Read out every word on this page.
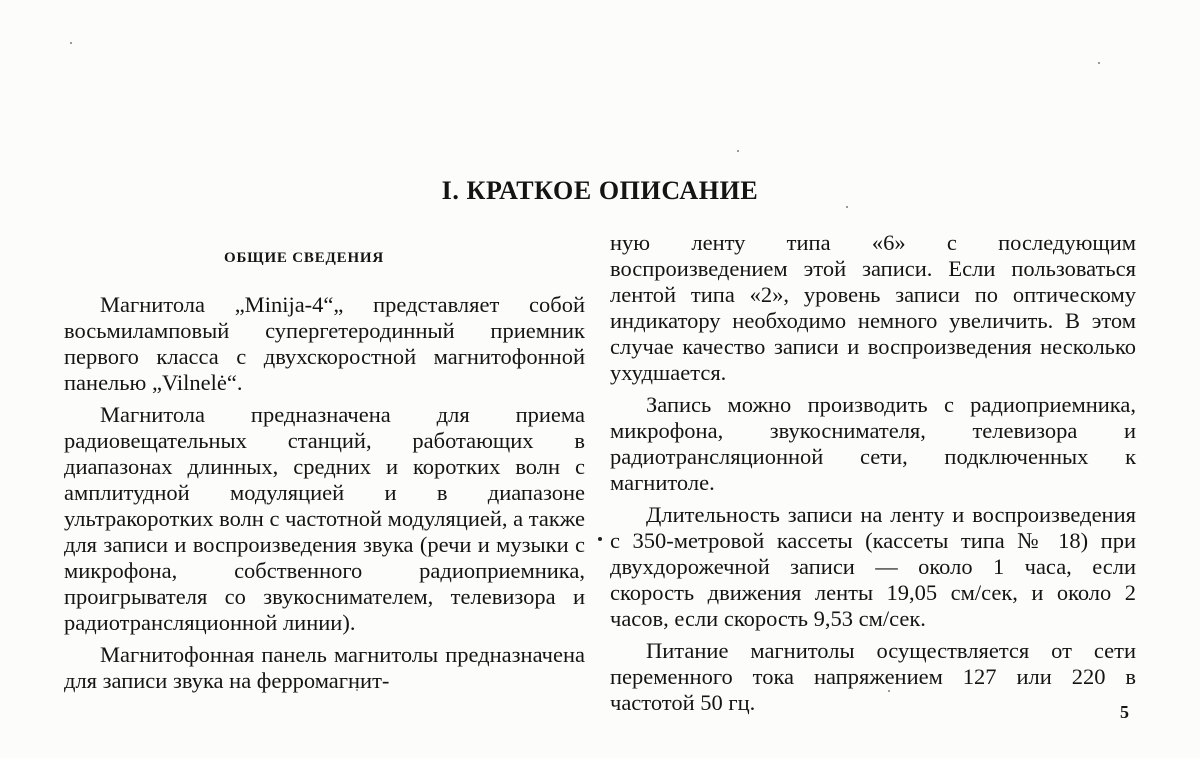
I. КРАТКОЕ ОПИСАНИЕ
ОБЩИЕ СВЕДЕНИЯ

Магнитола „Minija-4“„ представляет собой восьмиламповый супергетеродинный приемник первого класса с двухскоростной магнитофонной панелью „Vilnelė“.

Магнитола предназначена для приема радиовещательных станций, работающих в диапазонах длинных, средних и коротких волн с амплитудной модуляцией и в диапазоне ультракоротких волн с частотной модуляцией, а также для записи и воспроизведения звука (речи и музыки с микрофона, собственного радиоприемника, проигрывателя со звукоснимателем, телевизора и радиотрансляционной линии).

Магнитофонная панель магнитолы предназначена для записи звука на ферромагнит-

ную ленту типа «6» с последующим воспроизведением этой записи. Если пользоваться лентой типа «2», уровень записи по оптическому индикатору необходимо немного увеличить. В этом случае качество записи и воспроизведения несколько ухудшается.

Запись можно производить с радиоприемника, микрофона, звукоснимателя, телевизора и радиотрансляционной сети, подключенных к магнитоле.

Длительность записи на ленту и воспроизведения с 350-метровой кассеты (кассеты типа № 18) при двухдорожечной записи — около 1 часа, если скорость движения ленты 19,05 см/сек, и около 2 часов, если скорость 9,53 см/сек.

Питание магнитолы осуществляется от сети переменного тока напряжением 127 или 220 в частотой 50 гц.	5
